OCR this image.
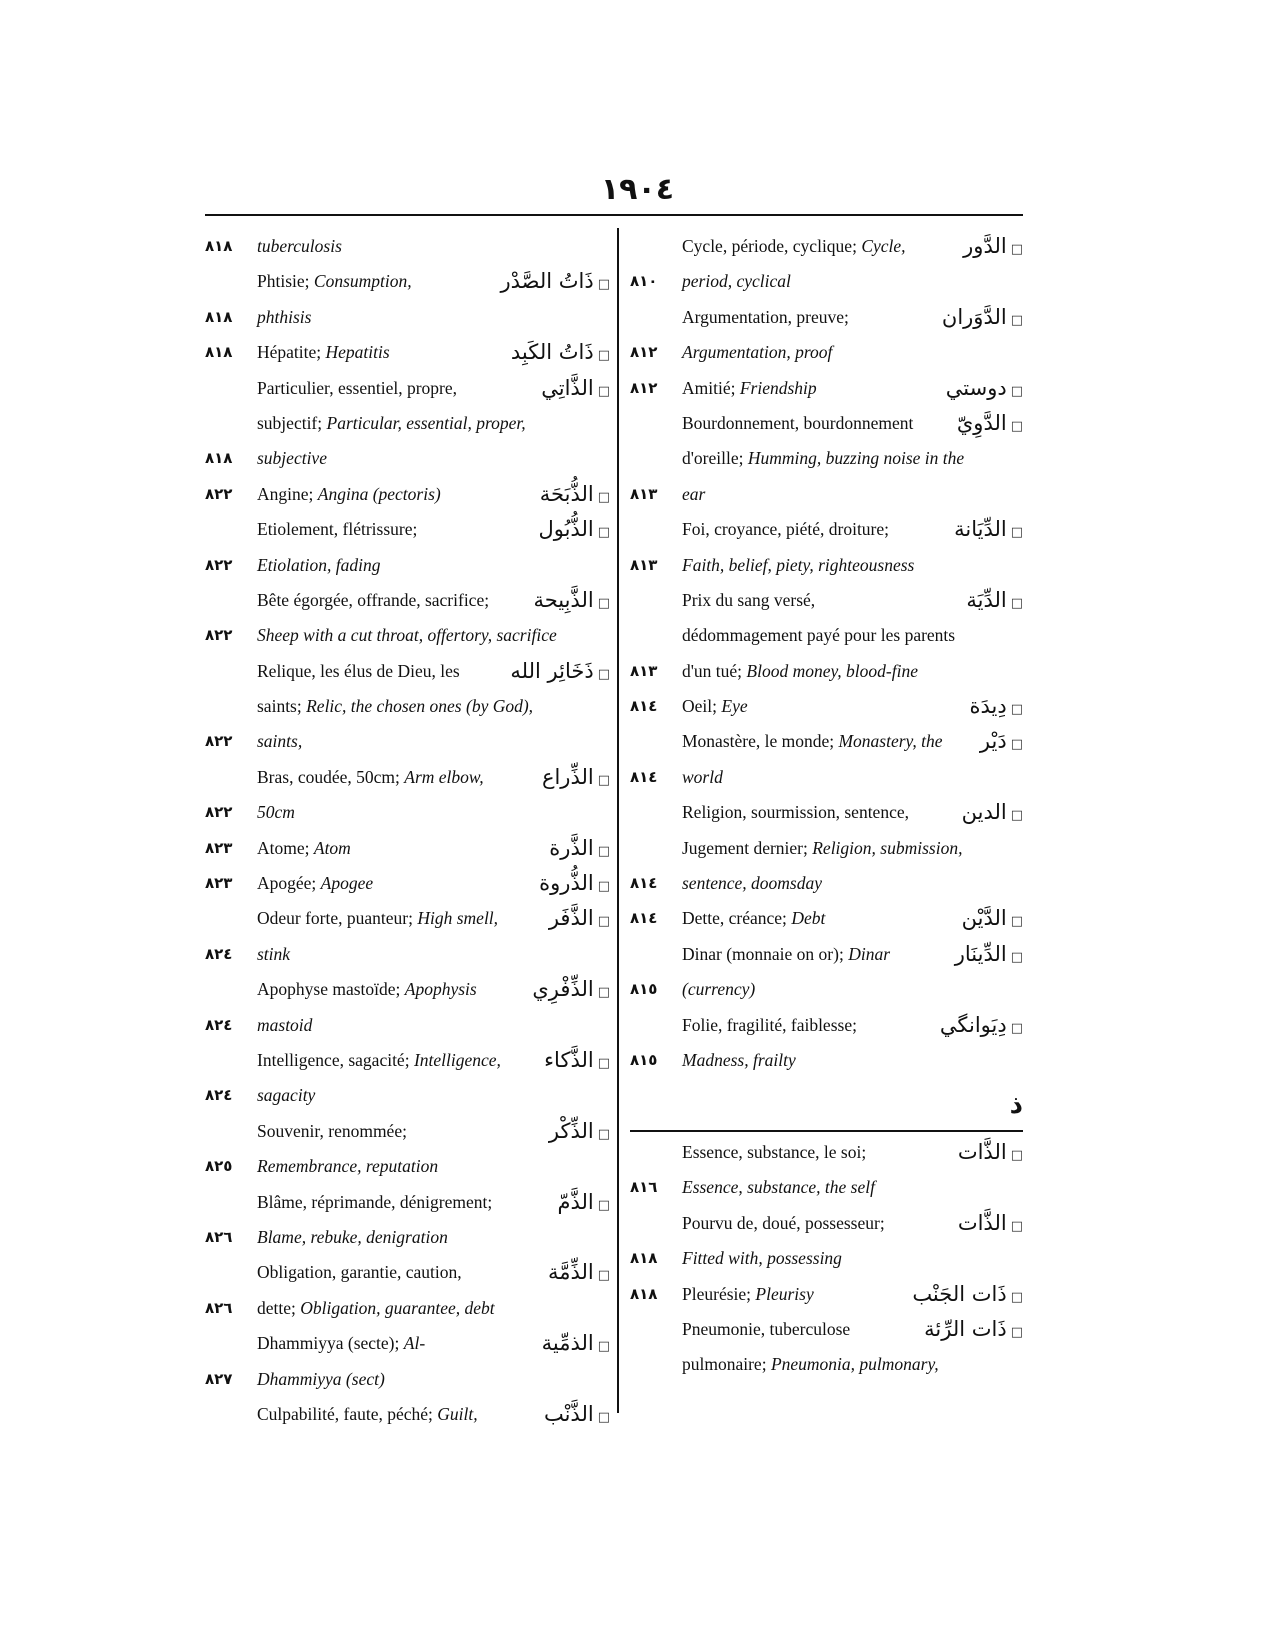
١٩٠٤
٨١٨	tuberculosis
Phtisie; Consumption,	□ذَاتُ الصَّدْر
٨١٨	phthisis
٨١٨	Hépatite; Hepatitis	□ذَاتُ الكَبِد
Particulier, essentiel, propre,	□الذَّاتِي
subjectif; Particular, essential, proper,
٨١٨	subjective
٨٢٢	Angine; Angina (pectoris)	□الذُّبَحَة
Etiolement, flétrissure;	□الذُّبُول
٨٢٢	Etiolation, fading
Bête égorgée, offrande, sacrifice;	□الذَّبِيحة
٨٢٢	Sheep with a cut throat, offertory, sacrifice
Relique, les élus de Dieu, les	□ذَخَائِر الله
saints; Relic, the chosen ones (by God),
٨٢٢	saints,
Bras, coudée, 50cm; Arm elbow,	□الذِّراع
٨٢٢	50cm
٨٢٣	Atome; Atom	□الذَّرة
٨٢٣	Apogée; Apogee	□الذُّروة
Odeur forte, puanteur; High smell,	□الذَّفَر
٨٢٤	stink
Apophyse mastoïde; Apophysis	□الذِّفْرِي
٨٢٤	mastoid
Intelligence, sagacité; Intelligence,	□الذَّكاء
٨٢٤	sagacity
Souvenir, renommée;	□الذِّكْر
٨٢٥	Remembrance, reputation
Blâme, réprimande, dénigrement;	□الذَّمّ
٨٢٦	Blame, rebuke, denigration
Obligation, garantie, caution,	□الذِّمَّة
٨٢٦	dette; Obligation, guarantee, debt
Dhammiyya (secte); Al-	□الذمِّية
٨٢٧	Dhammiyya (sect)
Culpabilité, faute, péché; Guilt,	□الذَّنْب
Cycle, période, cyclique; Cycle,	□الدَّور
٨١٠	period, cyclical
Argumentation, preuve;	□الدَّوَران
٨١٢	Argumentation, proof
٨١٢	Amitié; Friendship	□دوستي
Bourdonnement, bourdonnement	□الدَّوِيّ
d'oreille; Humming, buzzing noise in the
٨١٣	ear
Foi, croyance, piété, droiture;	□الدِّيَانة
٨١٣	Faith, belief, piety, righteousness
Prix du sang versé,	□الدِّيَة
dédommagement payé pour les parents
٨١٣	d'un tué; Blood money, blood-fine
٨١٤	Oeil; Eye	□دِيدَة
Monastère, le monde; Monastery, the	□دَيْر
٨١٤	world
Religion, sourmission, sentence,	□الدين
Jugement dernier; Religion, submission,
٨١٤	sentence, doomsday
٨١٤	Dette, créance; Debt	□الدَّيْن
Dinar (monnaie on or); Dinar	□الدِّينَار
٨١٥	(currency)
Folie, fragilité, faiblesse;	□دِيَوانگي
٨١٥	Madness, frailty
ذ
Essence, substance, le soi;	□الذَّات
٨١٦	Essence, substance, the self
Pourvu de, doué, possesseur;	□الذَّات
٨١٨	Fitted with, possessing
٨١٨	Pleurésie; Pleurisy	□ذَات الجَنْب
Pneumonie, tuberculose	□ذَات الرِّئة
pulmonaire; Pneumonia, pulmonary,
